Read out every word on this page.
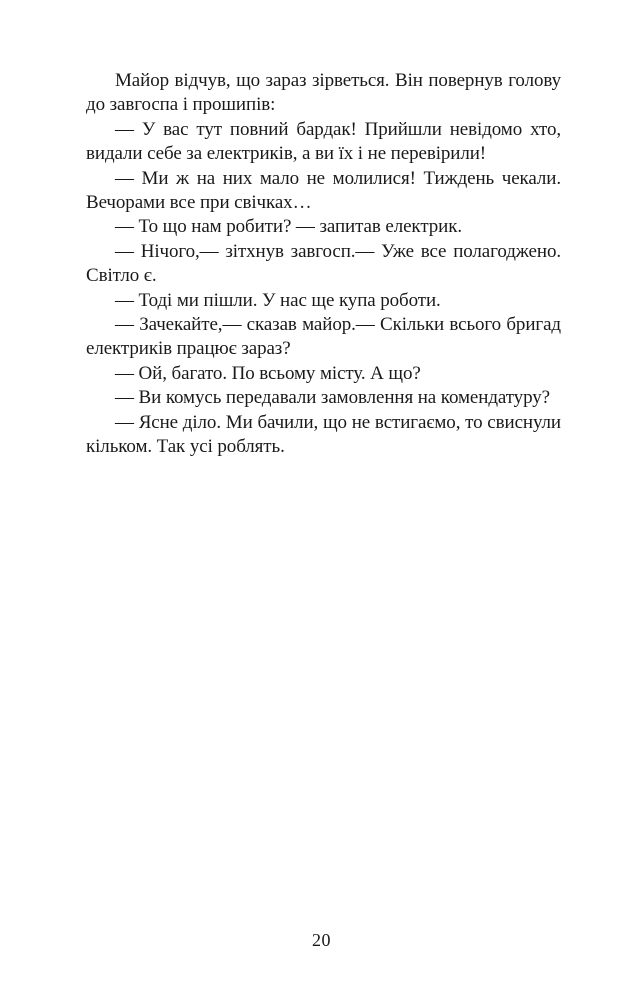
Майор відчув, що зараз зірветься. Він повернув голову до завгоспа і прошипів:

— У вас тут повний бардак! Прийшли невідомо хто, видали себе за електриків, а ви їх і не перевірили!

— Ми ж на них мало не молилися! Тиждень чекали. Вечорами все при свічках…

— То що нам робити? — запитав електрик.

— Нічого,— зітхнув завгосп.— Уже все полагоджено. Світло є.

— Тоді ми пішли. У нас ще купа роботи.

— Зачекайте,— сказав майор.— Скільки всього бригад електриків працює зараз?

— Ой, багато. По всьому місту. А що?

— Ви комусь передавали замовлення на комендатуру?

— Ясне діло. Ми бачили, що не встигаємо, то свиснули кільком. Так усі роблять.

20
